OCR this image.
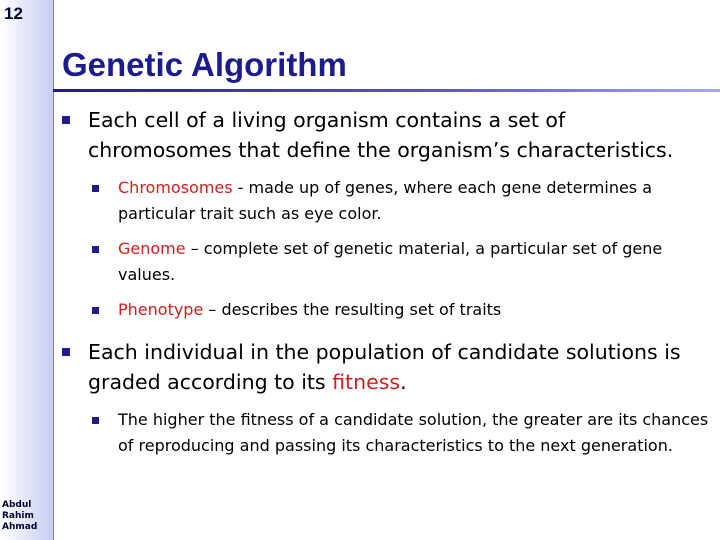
12
Abdul
Rahim
Ahmad
Genetic Algorithm
Each cell of a living organism contains a set of chromosomes that define the organism’s characteristics.
Chromosomes - made up of genes, where each gene determines a particular trait such as eye color.
Genome – complete set of genetic material, a particular set of gene values.
Phenotype – describes the resulting set of traits
Each individual in the population of candidate solutions is graded according to its fitness.
The higher the fitness of a candidate solution, the greater are its chances of reproducing and passing its characteristics to the next generation.
